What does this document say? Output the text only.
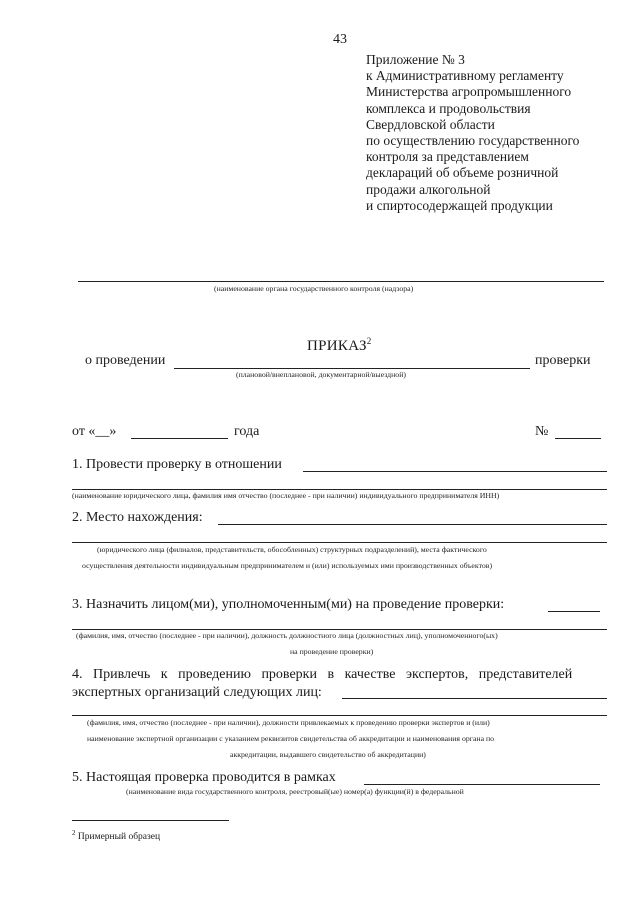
43
Приложение № 3
к Административному регламенту
Министерства агропромышленного
комплекса и продовольствия
Свердловской области
по осуществлению государственного
контроля за представлением
деклараций об объеме розничной
продажи алкогольной
и спиртосодержащей продукции
(наименование органа государственного контроля (надзора)
ПРИКАЗ$^2$
о проведении	проверки
(плановой/внеплановой, документарной/выездной)
от «__»	года	№
1. Провести проверку в отношении
(наименование юридического лица, фамилия имя отчество (последнее - при наличии) индивидуального предпринимателя ИНН)
2. Место нахождения:
(юридического лица (филиалов, представительств, обособленных) структурных подразделений), места фактического
осуществления деятельности индивидуальным предпринимателем и (или) используемых ими производственных объектов)
3. Назначить лицом(ми), уполномоченным(ми) на проведение проверки:
(фамилия, имя, отчество (последнее - при наличии), должность должностного лица (должностных лиц), уполномоченного(ых)
на проведение проверки)
4. Привлечь к проведению проверки в качестве экспертов, представителей
экспертных организаций следующих лиц:
(фамилия, имя, отчество (последнее - при наличии), должности привлекаемых к проведению проверки экспертов и (или)
наименование экспертной организации с указанием реквизитов свидетельства об аккредитации и наименования органа по
аккредитации, выдавшего свидетельство об аккредитации)
5. Настоящая проверка проводится в рамках
(наименование вида государственного контроля, реестровый(ые) номер(а) функции(й) в федеральной
$^2$ Примерный образец
